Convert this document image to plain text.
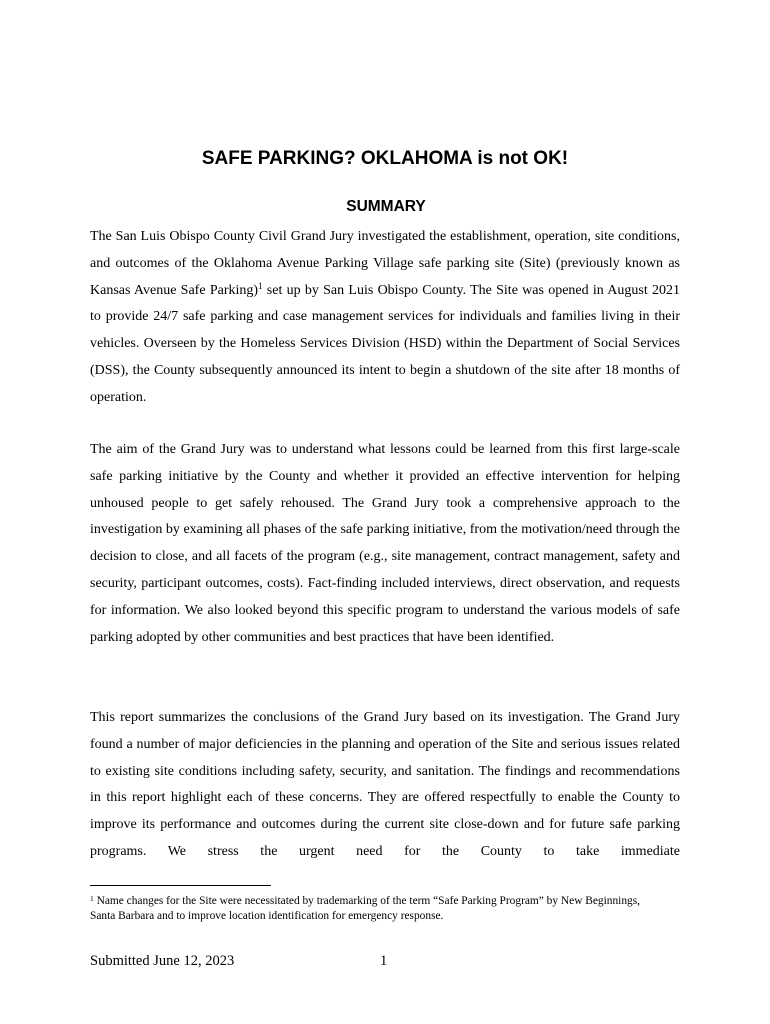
SAFE PARKING? OKLAHOMA is not OK!
SUMMARY

The San Luis Obispo County Civil Grand Jury investigated the establishment, operation, site conditions, and outcomes of the Oklahoma Avenue Parking Village safe parking site (Site) (previously known as Kansas Avenue Safe Parking)$^1$ set up by San Luis Obispo County. The Site was opened in August 2021 to provide 24/7 safe parking and case management services for individuals and families living in their vehicles. Overseen by the Homeless Services Division (HSD) within the Department of Social Services (DSS), the County subsequently announced its intent to begin a shutdown of the site after 18 months of operation.

The aim of the Grand Jury was to understand what lessons could be learned from this first large-scale safe parking initiative by the County and whether it provided an effective intervention for helping unhoused people to get safely rehoused. The Grand Jury took a comprehensive approach to the investigation by examining all phases of the safe parking initiative, from the motivation/need through the decision to close, and all facets of the program (e.g., site management, contract management, safety and security, participant outcomes, costs). Fact-finding included interviews, direct observation, and requests for information. We also looked beyond this specific program to understand the various models of safe parking adopted by other communities and best practices that have been identified.

This report summarizes the conclusions of the Grand Jury based on its investigation. The Grand Jury found a number of major deficiencies in the planning and operation of the Site and serious issues related to existing site conditions including safety, security, and sanitation. The findings and recommendations in this report highlight each of these concerns. They are offered respectfully to enable the County to improve its performance and outcomes during the current site close-down and for future safe parking programs. We stress the urgent need for the County to take immediate

$^1$ Name changes for the Site were necessitated by trademarking of the term “Safe Parking Program” by New Beginnings, Santa Barbara and to improve location identification for emergency response.

Submitted June 12, 2023	1
